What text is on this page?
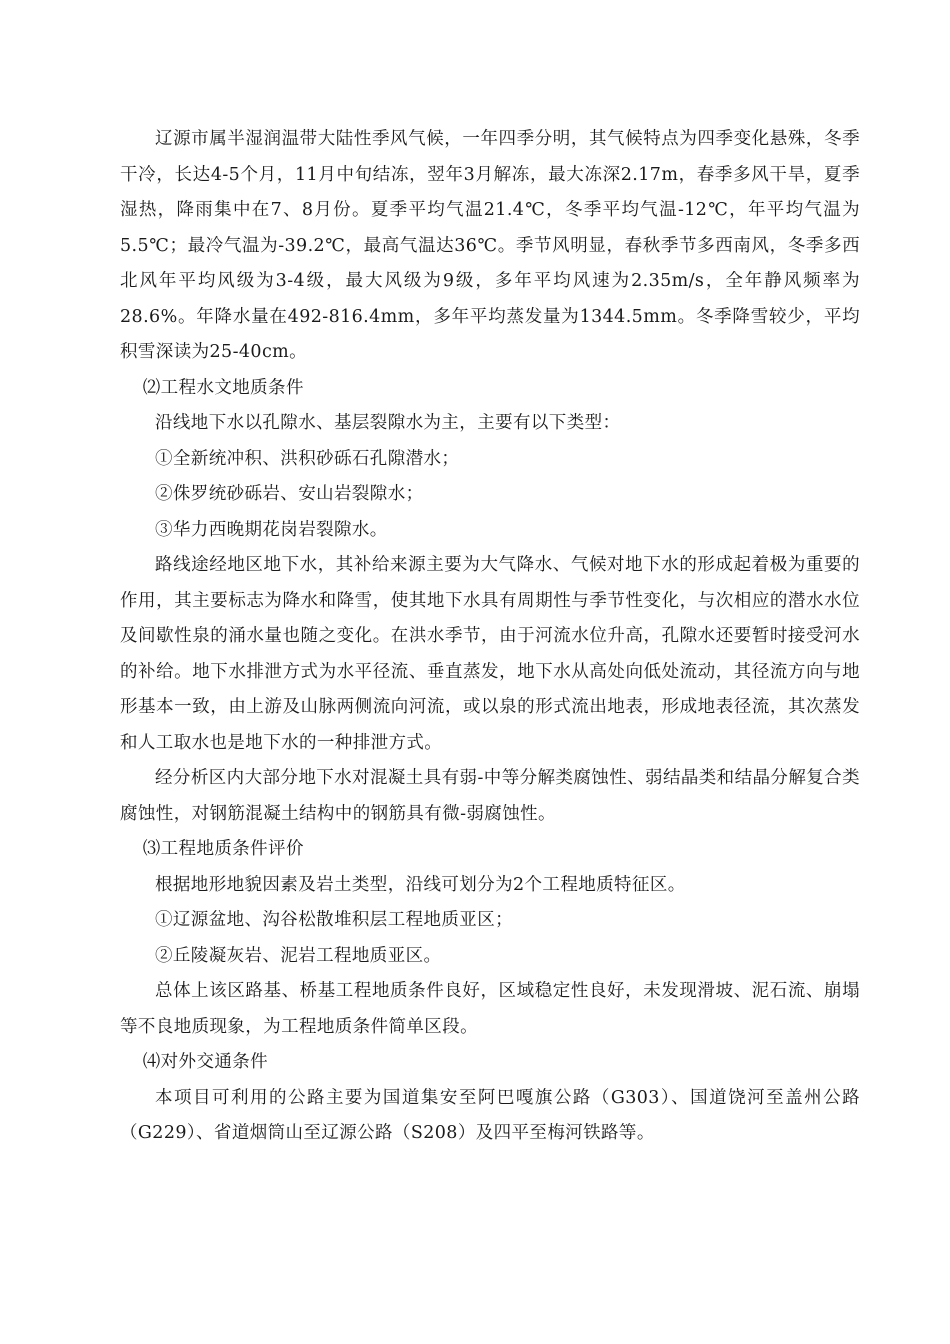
辽源市属半湿润温带大陆性季风气候，一年四季分明，其气候特点为四季变化悬殊，冬季干冷，长达4-5个月，11月中旬结冻，翌年3月解冻，最大冻深2.17m，春季多风干旱，夏季湿热，降雨集中在7、8月份。夏季平均气温21.4℃，冬季平均气温-12℃，年平均气温为5.5℃；最冷气温为-39.2℃，最高气温达36℃。季节风明显，春秋季节多西南风，冬季多西北风年平均风级为3-4级，最大风级为9级，多年平均风速为2.35m/s，全年静风频率为28.6%。年降水量在492-816.4mm，多年平均蒸发量为1344.5mm。冬季降雪较少，平均积雪深读为25-40cm。

⑵工程水文地质条件

沿线地下水以孔隙水、基层裂隙水为主，主要有以下类型：

①全新统冲积、洪积砂砾石孔隙潜水；

②侏罗统砂砾岩、安山岩裂隙水；

③华力西晚期花岗岩裂隙水。

路线途经地区地下水，其补给来源主要为大气降水、气候对地下水的形成起着极为重要的作用，其主要标志为降水和降雪，使其地下水具有周期性与季节性变化，与次相应的潜水水位及间歇性泉的涌水量也随之变化。在洪水季节，由于河流水位升高，孔隙水还要暂时接受河水的补给。地下水排泄方式为水平径流、垂直蒸发，地下水从高处向低处流动，其径流方向与地形基本一致，由上游及山脉两侧流向河流，或以泉的形式流出地表，形成地表径流，其次蒸发和人工取水也是地下水的一种排泄方式。

经分析区内大部分地下水对混凝土具有弱-中等分解类腐蚀性、弱结晶类和结晶分解复合类腐蚀性，对钢筋混凝土结构中的钢筋具有微-弱腐蚀性。

⑶工程地质条件评价

根据地形地貌因素及岩土类型，沿线可划分为2个工程地质特征区。

①辽源盆地、沟谷松散堆积层工程地质亚区；

②丘陵凝灰岩、泥岩工程地质亚区。

总体上该区路基、桥基工程地质条件良好，区域稳定性良好，未发现滑坡、泥石流、崩塌等不良地质现象，为工程地质条件简单区段。

⑷对外交通条件

本项目可利用的公路主要为国道集安至阿巴嘎旗公路（G303）、国道饶河至盖州公路（G229）、省道烟筒山至辽源公路（S208）及四平至梅河铁路等。
